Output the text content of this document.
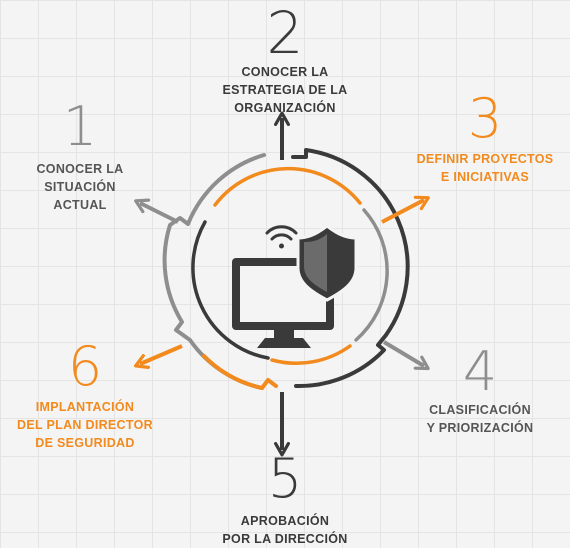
2
CONOCER LA
ESTRATEGIA DE LA
ORGANIZACIÓN
1
CONOCER LA
SITUACIÓN
ACTUAL
3
DEFINIR PROYECTOS
E INICIATIVAS
4
CLASIFICACIÓN
Y PRIORIZACIÓN
5
APROBACIÓN
POR LA DIRECCIÓN
6
IMPLANTACIÓN
DEL PLAN DIRECTOR
DE SEGURIDAD
